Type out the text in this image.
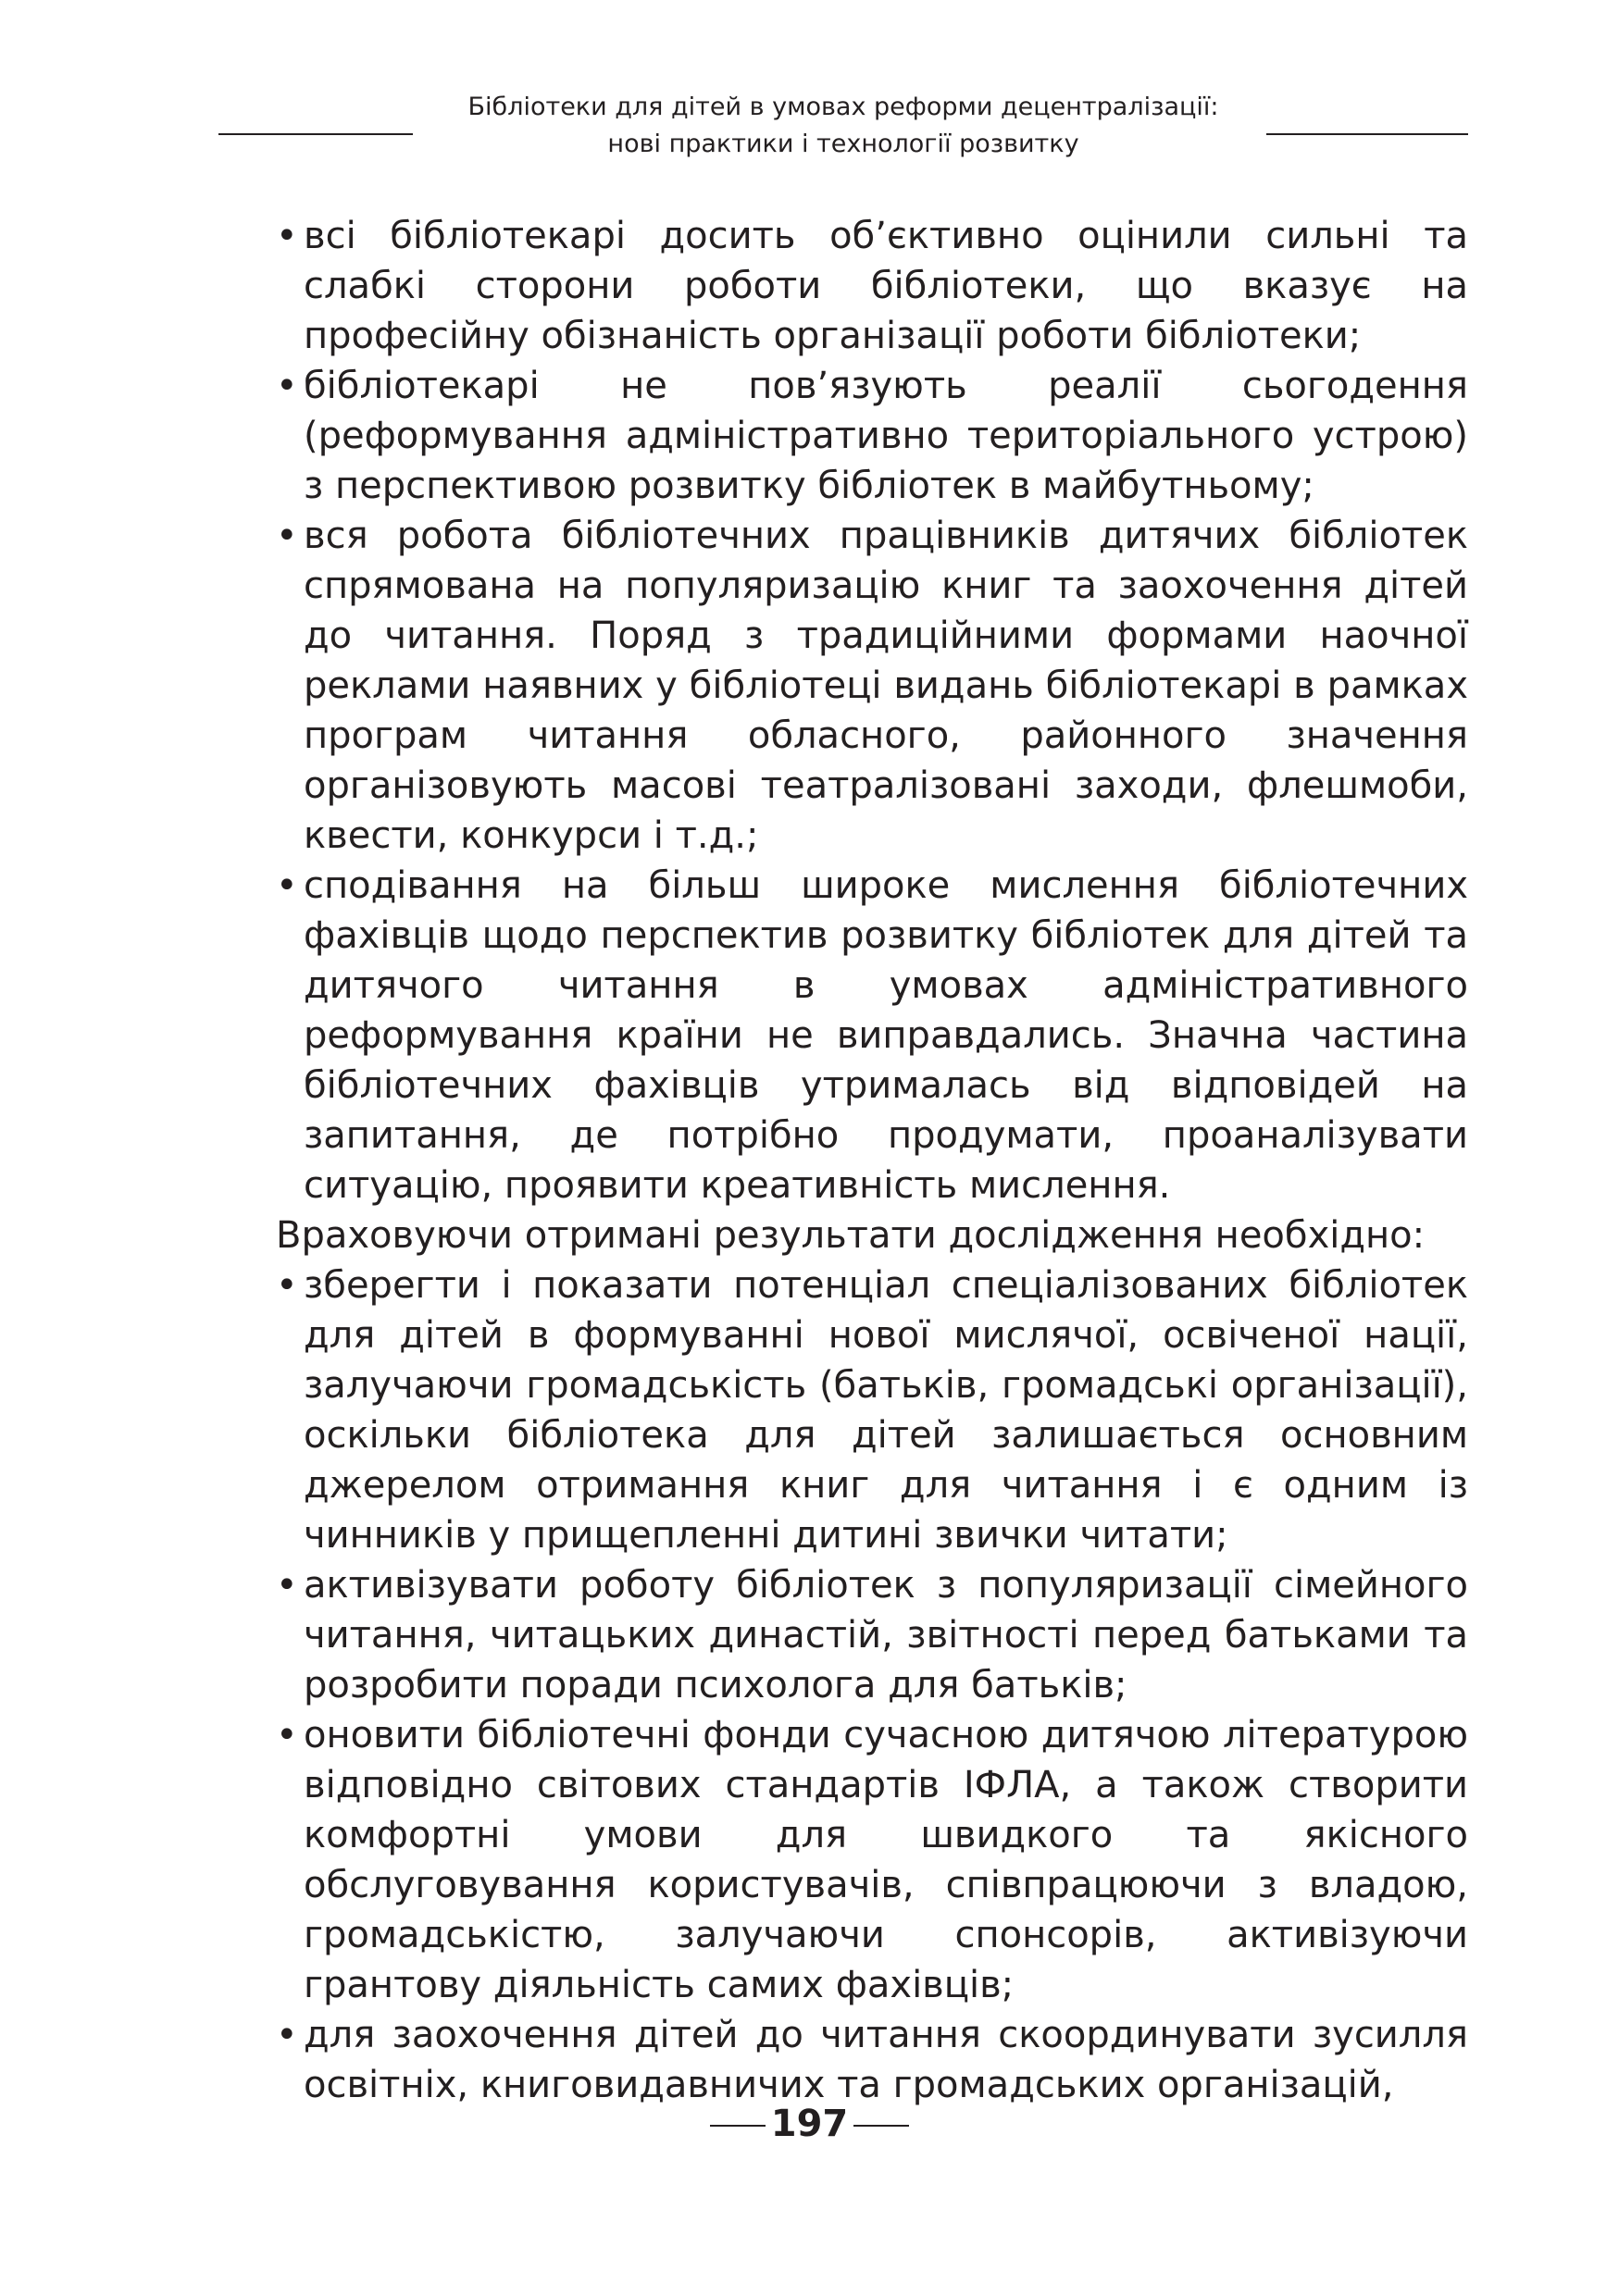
Бібліотеки для дітей в умовах реформи децентралізації:
нові практики і технології розвитку
• всі бібліотекарі досить об’єктивно оцінили сильні та слабкі сторони роботи бібліотеки, що вказує на професійну обізнаність організації роботи бібліотеки;
• бібліотекарі не пов’язують реалії сьогодення (реформування адміністративно територіального устрою) з перспективою розвитку бібліотек в майбутньому;
• вся робота бібліотечних працівників дитячих бібліотек спрямована на популяризацію книг та заохочення дітей до читання. Поряд з традиційними формами наочної реклами наявних у бібліотеці видань бібліотекарі в рамках програм читання обласного, районного значення організовують масові театралізовані заходи, флешмоби, квести, конкурси і т.д.;
• сподівання на більш широке мислення бібліотечних фахівців щодо перспектив розвитку бібліотек для дітей та дитячого читання в умовах адміністративного реформування країни не виправдались. Значна частина бібліотечних фахівців утрималась від відповідей на запитання, де потрібно продумати, проаналізувати ситуацію, проявити креативність мислення.

Враховуючи отримані результати дослідження необхідно:

• зберегти і показати потенціал спеціалізованих бібліотек для дітей в формуванні нової мислячої, освіченої нації, залучаючи громадськість (батьків, громадські організації), оскільки бібліотека для дітей залишається основним джерелом отримання книг для читання і є одним із чинників у прищепленні дитині звички читати;
• активізувати роботу бібліотек з популяризації сімейного читання, читацьких династій, звітності перед батьками та розробити поради психолога для батьків;
• оновити бібліотечні фонди сучасною дитячою літературою відповідно світових стандартів ІФЛА, а також створити комфортні умови для швидкого та якісного обслуговування користувачів, співпрацюючи з владою, громадськістю, залучаючи спонсорів, активізуючи грантову діяльність самих фахівців;
• для заохочення дітей до читання скоординувати зусилля освітніх, книговидавничих та громадських організацій,
197
